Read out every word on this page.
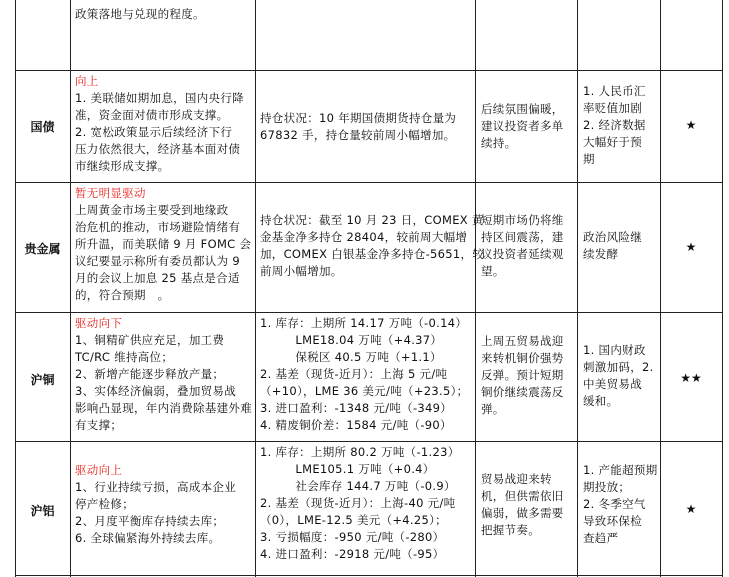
政策落地与兑现的程度。
国债
向上
1. 美联储如期加息，国内央行降
准，资金面对债市形成支撑。
2. 宽松政策显示后续经济下行
压力依然很大，经济基本面对债
市继续形成支撑。
持仓状况：10 年期国债期货持仓量为
67832 手，持仓量较前周小幅增加。
后续氛围偏暖，
建议投资者多单
续持。
1. 人民币汇
率贬值加剧
2. 经济数据
大幅好于预
期
★
贵金属
暂无明显驱动
上周黄金市场主要受到地缘政
治危机的推动，市场避险情绪有
所升温，而美联储 9 月 FOMC 会
议纪要显示称所有委员都认为 9
月的会议上加息 25 基点是合适
的，符合预期　。
持仓状况：截至 10 月 23 日，COMEX 黄
金基金净多持仓 28404，较前周大幅增
加，COMEX 白银基金净多持仓-5651，较
前周小幅增加。
短期市场仍将维
持区间震荡，建
议投资者延续观
望。
政治风险继
续发酵	★
沪铜
驱动向下
1、铜精矿供应充足，加工费
TC/RC 维持高位；
2、新增产能逐步释放产量；
3、实体经济偏弱，叠加贸易战
影响凸显现，年内消费除基建外难
有支撑；
1. 库存：上期所 14.17 万吨（-0.14）
　　　LME18.04 万吨（+4.37）
　　　保税区 40.5 万吨（+1.1）
2. 基差（现货-近月）：上海 5 元/吨
（+10），LME 36 美元/吨（+23.5）；
3. 进口盈利：-1348 元/吨（-349）
4. 精废铜价差：1584 元/吨（-90）
上周五贸易战迎
来转机铜价强势
反弹。预计短期
铜价继续震荡反
弹。
1. 国内财政
刺激加码，2.
中美贸易战
缓和。
★★
沪铝
驱动向上
1、行业持续亏损，高成本企业
停产检修；
2、月度平衡库存持续去库；
6. 全球偏紧海外持续去库。
1. 库存：上期所 80.2 万吨（-1.23）
　　　LME105.1 万吨（+0.4）
　　　社会库存 144.7 万吨（-0.9）
2. 基差（现货-近月）：上海-40 元/吨
（0），LME-12.5 美元（+4.25）；
3. 亏损幅度：-950 元/吨（-280）
4. 进口盈利：-2918 元/吨（-95）
贸易战迎来转
机，但供需依旧
偏弱，做多需要
把握节奏。
1. 产能超预期
期投放；
2. 冬季空气
导致环保检
查趋严
★
